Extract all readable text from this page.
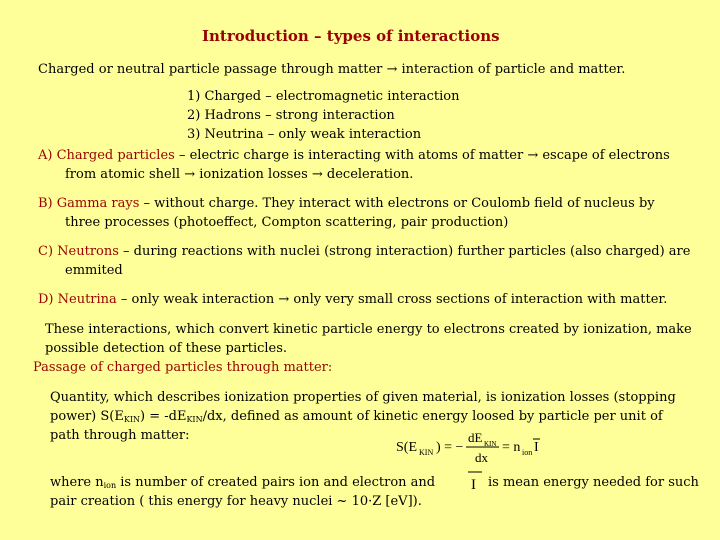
Introduction – types of interactions
Charged or neutral particle passage through matter → interaction of particle and matter.
1) Charged – electromagnetic interaction
2) Hadrons – strong interaction
3) Neutrina – only weak interaction
A) Charged particles – electric charge is interacting with atoms of matter → escape of electrons
from atomic shell → ionization losses → deceleration.
B) Gamma rays – without charge. They interact with electrons or Coulomb field of nucleus by
three processes (photoeffect, Compton scattering, pair production)
C) Neutrons – during reactions with nuclei (strong interaction) further particles (also charged) are
emmited
D) Neutrina – only weak interaction → only very small cross sections of interaction with matter.
These interactions, which convert kinetic particle energy to electrons created by ionization, make
possible detection of these particles.
Passage of charged particles through matter:
Quantity, which describes ionization properties of given material, is ionization losses (stopping
power) $S(E_{KIN}) = -dE_{KIN}/dx$, defined as amount of kinetic energy loosed by particle per unit of
path through matter:
S(E KIN ) = −
dE KIN
dx
= n ion I
where $n_{ion}$ is number of created pairs ion and electron and I is mean energy needed for such
pair creation ( this energy for heavy nuclei ~ 10·Z [eV]).
